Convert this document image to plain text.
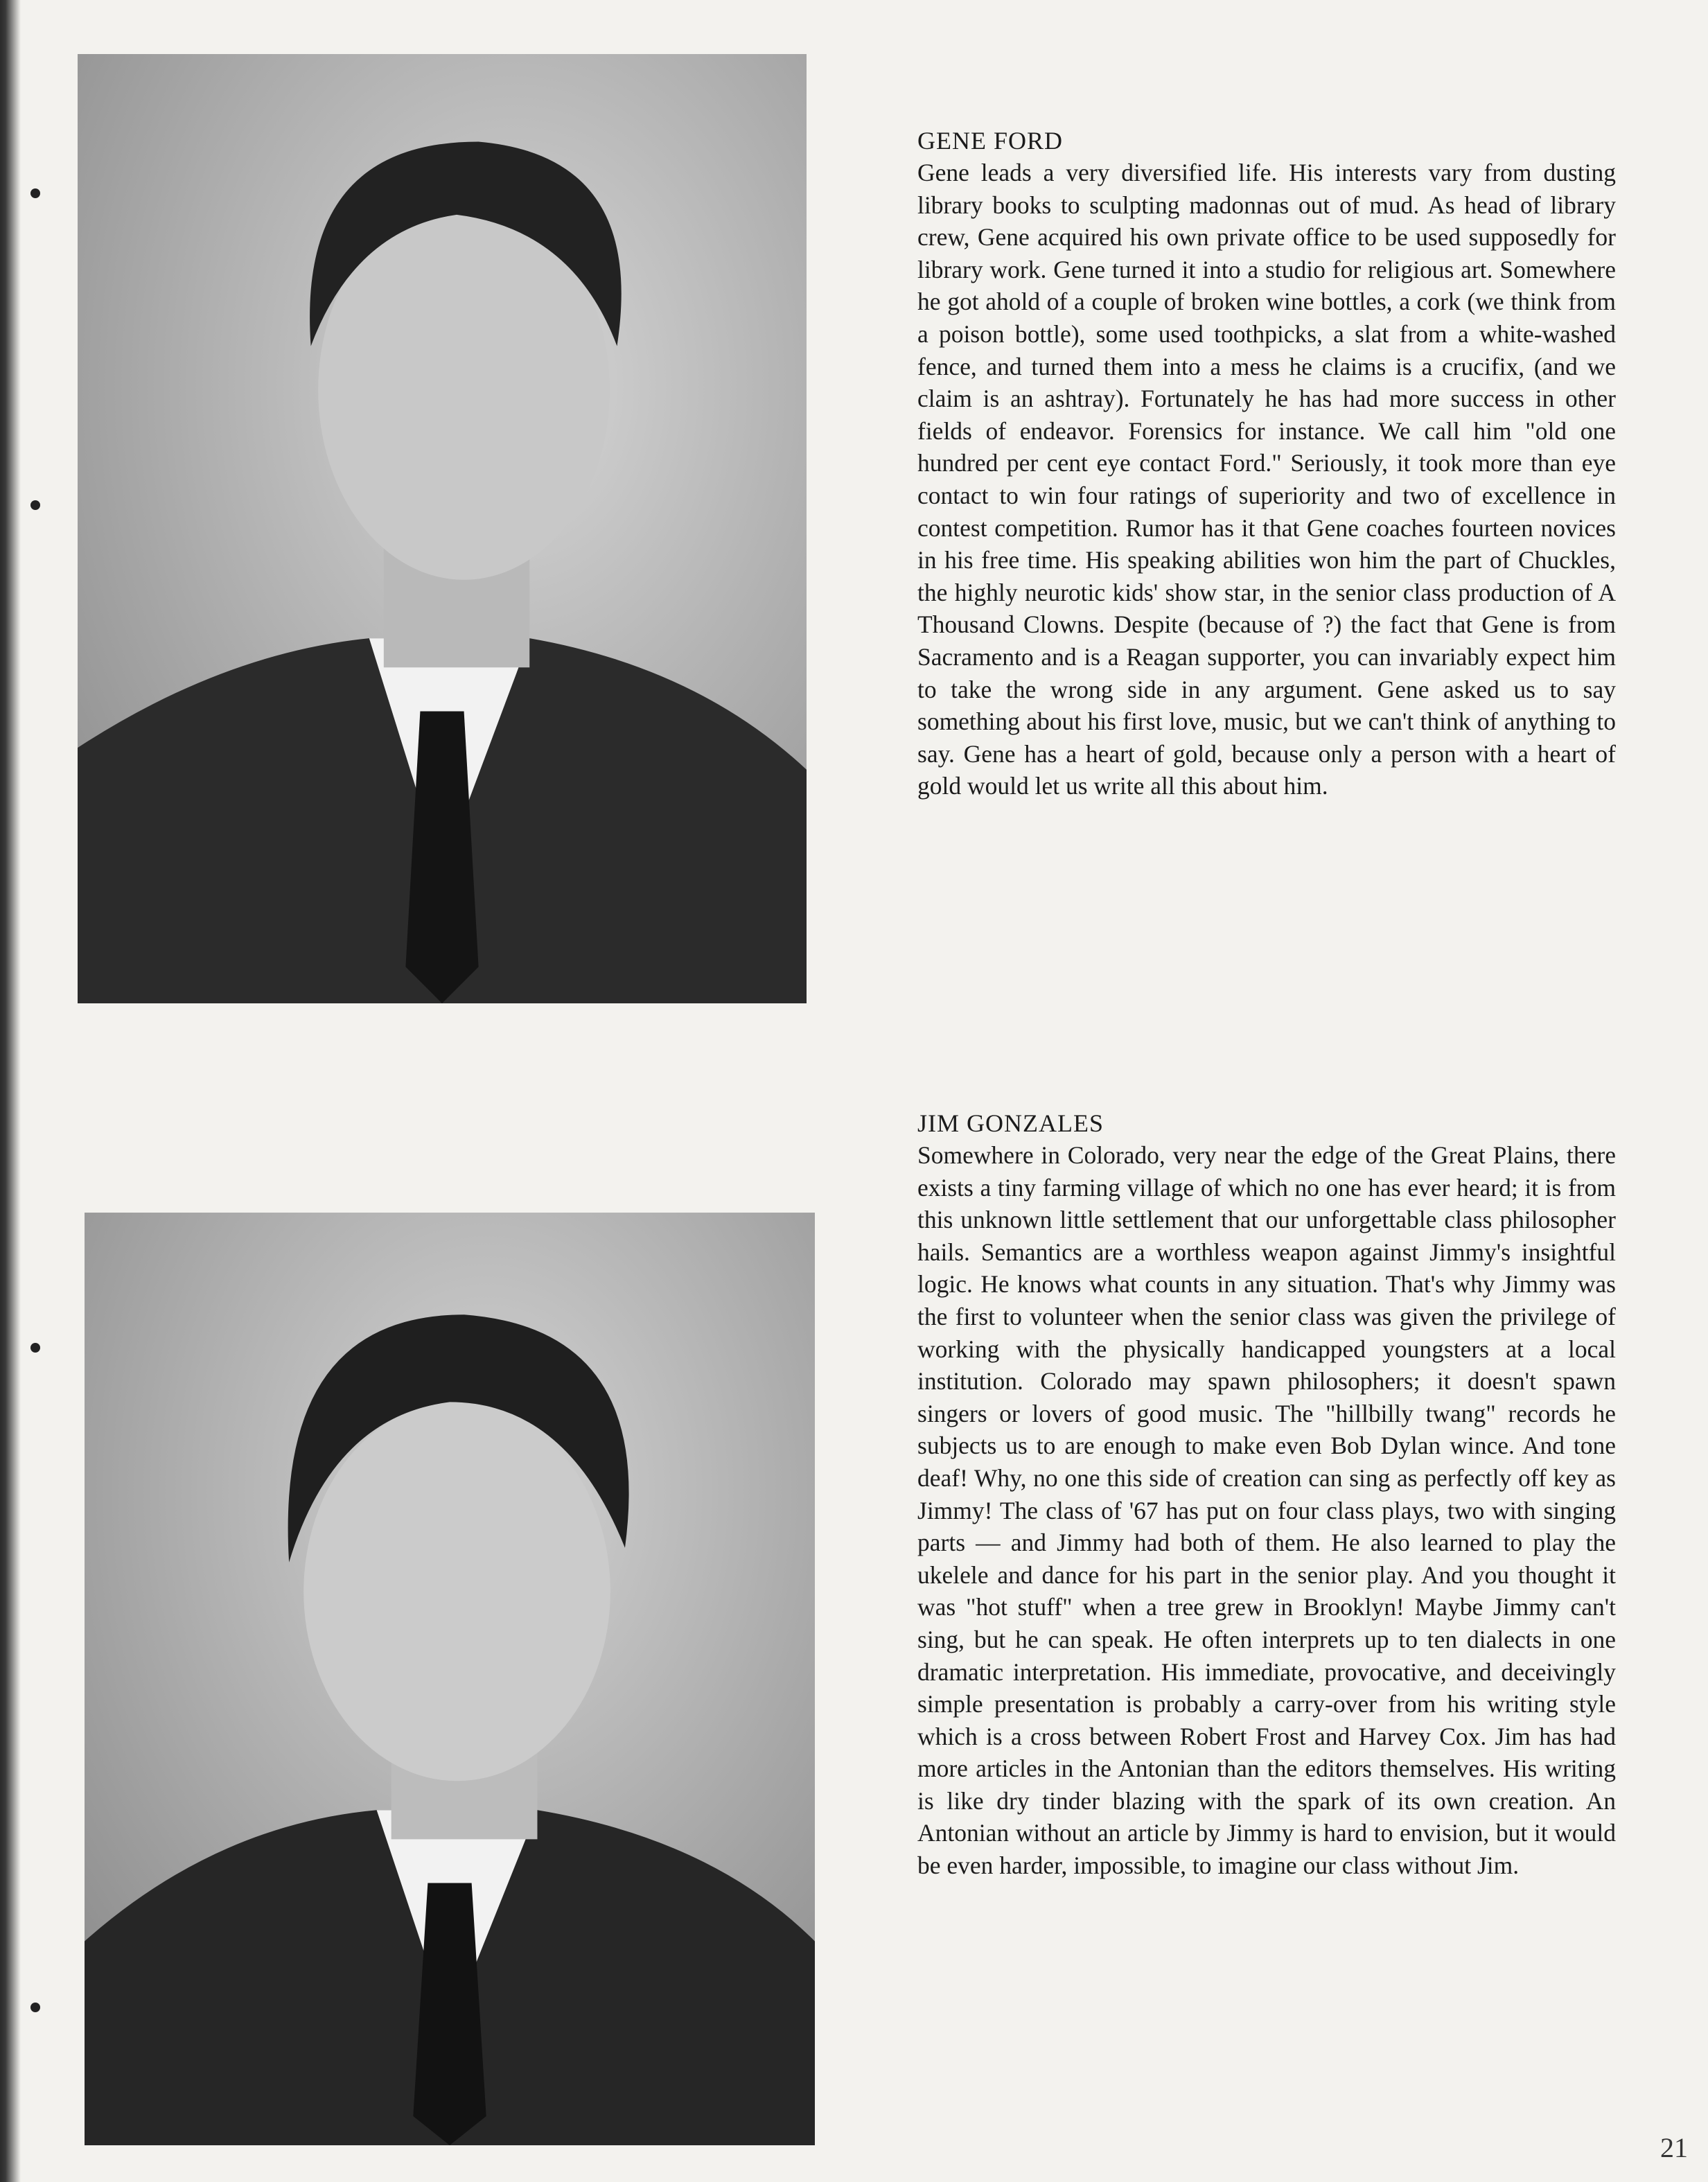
GENE FORD

Gene leads a very diversified life. His interests vary from dusting library books to sculpting madonnas out of mud. As head of library crew, Gene acquired his own private office to be used supposedly for library work. Gene turned it into a studio for religious art. Somewhere he got ahold of a couple of broken wine bottles, a cork (we think from a poison bottle), some used toothpicks, a slat from a white-washed fence, and turned them into a mess he claims is a crucifix, (and we claim is an ashtray). Fortunately he has had more success in other fields of endeavor. Forensics for instance. We call him "old one hundred per cent eye contact Ford." Seriously, it took more than eye contact to win four ratings of superiority and two of excellence in contest competition. Rumor has it that Gene coaches fourteen novices in his free time. His speaking abilities won him the part of Chuckles, the highly neurotic kids' show star, in the senior class production of A Thousand Clowns. Despite (because of ?) the fact that Gene is from Sacramento and is a Reagan supporter, you can invariably expect him to take the wrong side in any argument. Gene asked us to say something about his first love, music, but we can't think of anything to say. Gene has a heart of gold, because only a person with a heart of gold would let us write all this about him.

JIM GONZALES

Somewhere in Colorado, very near the edge of the Great Plains, there exists a tiny farming village of which no one has ever heard; it is from this unknown little settlement that our unforgettable class philosopher hails. Semantics are a worthless weapon against Jimmy's insightful logic. He knows what counts in any situation. That's why Jimmy was the first to volunteer when the senior class was given the privilege of working with the physically handicapped youngsters at a local institution. Colorado may spawn philosophers; it doesn't spawn singers or lovers of good music. The "hillbilly twang" records he subjects us to are enough to make even Bob Dylan wince. And tone deaf! Why, no one this side of creation can sing as perfectly off key as Jimmy! The class of '67 has put on four class plays, two with singing parts — and Jimmy had both of them. He also learned to play the ukelele and dance for his part in the senior play. And you thought it was "hot stuff" when a tree grew in Brooklyn! Maybe Jimmy can't sing, but he can speak. He often interprets up to ten dialects in one dramatic interpretation. His immediate, provocative, and deceivingly simple presentation is probably a carry-over from his writing style which is a cross between Robert Frost and Harvey Cox. Jim has had more articles in the Antonian than the editors themselves. His writing is like dry tinder blazing with the spark of its own creation. An Antonian without an article by Jimmy is hard to envision, but it would be even harder, impossible, to imagine our class without Jim.

21
